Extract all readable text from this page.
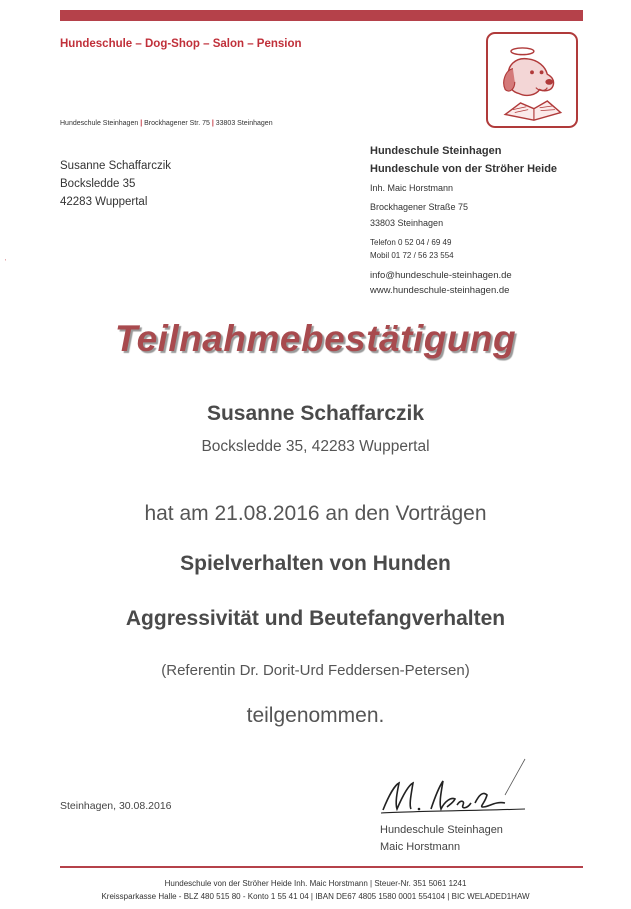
Hundeschule – Dog-Shop – Salon – Pension
Hundeschule Steinhagen | Brockhagener Str. 75 | 33803 Steinhagen
Susanne Schaffarczik
Bocksledde 35
42283 Wuppertal
Hundeschule Steinhagen
Hundeschule von der Ströher Heide
Inh. Maic Horstmann
Brockhagener Straße 75
33803 Steinhagen
Telefon 0 52 04 / 69 49
Mobil 01 72 / 56 23 554
info@hundeschule-steinhagen.de
www.hundeschule-steinhagen.de
ˈ
Teilnahmebestätigung
Susanne Schaffarczik
Bocksledde 35, 42283 Wuppertal
hat am 21.08.2016 an den Vorträgen
Spielverhalten von Hunden
Aggressivität und Beutefangverhalten
(Referentin Dr. Dorit-Urd Feddersen-Petersen)
teilgenommen.
Steinhagen, 30.08.2016
Hundeschule Steinhagen
Maic Horstmann
Hundeschule von der Ströher Heide Inh. Maic Horstmann | Steuer-Nr. 351 5061 1241
Kreissparkasse Halle - BLZ 480 515 80 - Konto 1 55 41 04 | IBAN DE67 4805 1580 0001 554104 | BIC WELADED1HAW
